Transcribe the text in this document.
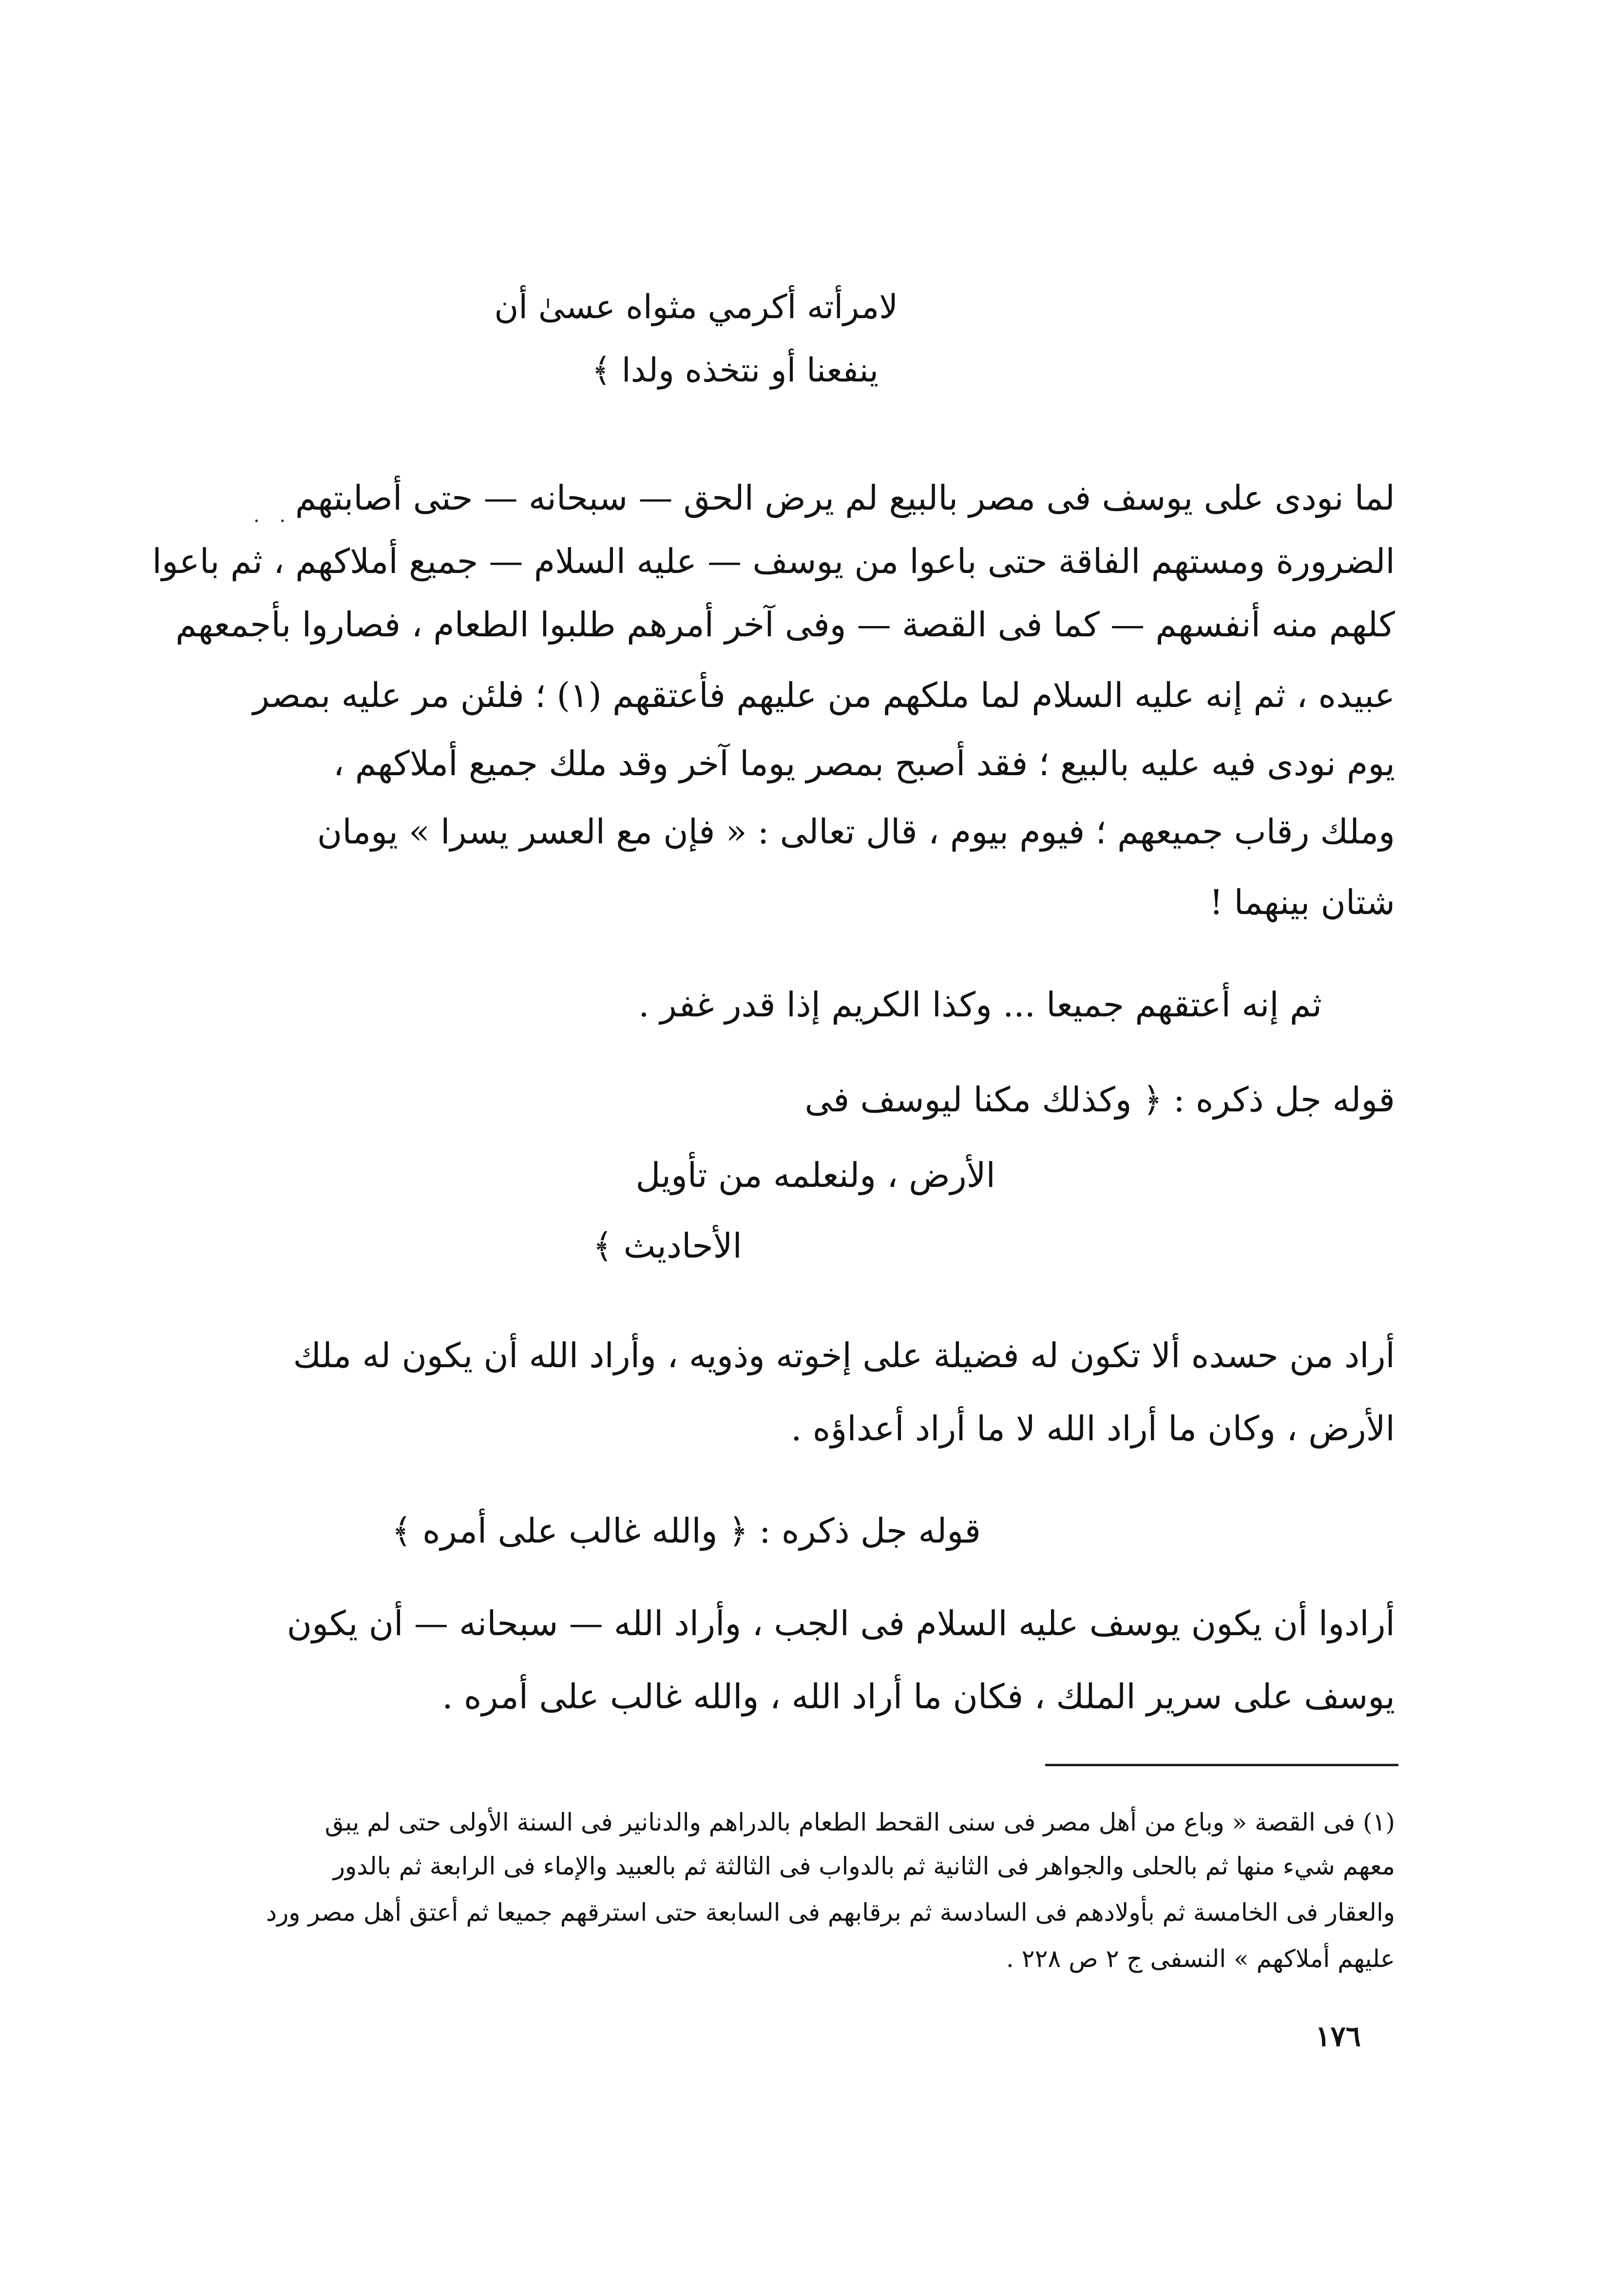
لامرأته أكرمي مثواه عسىٰ أن
ينفعنا أو نتخذه ولدا ﴾
لما نودى على يوسف فى مصر بالبيع لم يرض الحق — سبحانه — حتى أصابتهم
الضرورة ومستهم الفاقة حتى باعوا من يوسف — عليه السلام — جميع أملاكهم ، ثم باعوا
كلهم منه أنفسهم — كما فى القصة — وفى آخر أمرهم طلبوا الطعام ، فصاروا بأجمعهم
عبيده ، ثم إنه عليه السلام لما ملكهم من عليهم فأعتقهم (١) ؛ فلئن مر عليه بمصر
يوم نودى فيه عليه بالبيع ؛ فقد أصبح بمصر يوما آخر وقد ملك جميع أملاكهم ،
وملك رقاب جميعهم ؛ فيوم بيوم ، قال تعالى : « فإن مع العسر يسرا » يومان
شتان بينهما !
ثم إنه أعتقهم جميعا ... وكذا الكريم إذا قدر غفر .
قوله جل ذكره : ﴿ وكذلك مكنا ليوسف فى
الأرض ، ولنعلمه من تأويل
الأحاديث ﴾
أراد من حسده ألا تكون له فضيلة على إخوته وذويه ، وأراد الله أن يكون له ملك
الأرض ، وكان ما أراد الله لا ما أراد أعداؤه .
قوله جل ذكره : ﴿ والله غالب على أمره ﴾
أرادوا أن يكون يوسف عليه السلام فى الجب ، وأراد الله — سبحانه — أن يكون
يوسف على سرير الملك ، فكان ما أراد الله ، والله غالب على أمره .
(١) فى القصة « وباع من أهل مصر فى سنى القحط الطعام بالدراهم والدنانير فى السنة الأولى حتى لم يبق
معهم شيء منها ثم بالحلى والجواهر فى الثانية ثم بالدواب فى الثالثة ثم بالعبيد والإماء فى الرابعة ثم بالدور
والعقار فى الخامسة ثم بأولادهم فى السادسة ثم برقابهم فى السابعة حتى استرقهم جميعا ثم أعتق أهل مصر ورد
عليهم أملاكهم » النسفى ج ٢ ص ٢٢٨ .
١٧٦
. .
